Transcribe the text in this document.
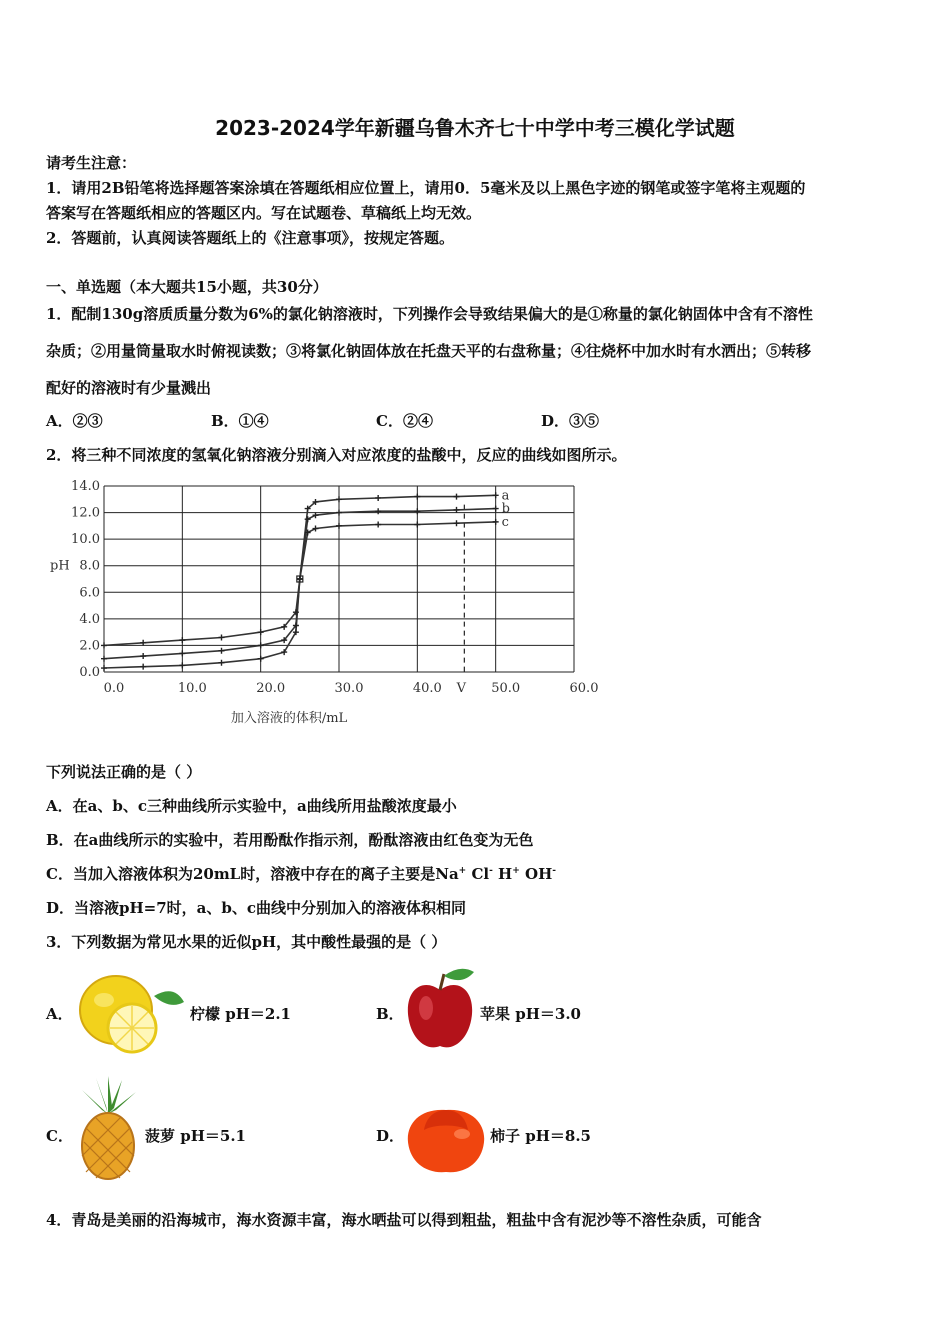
2023-2024学年新疆乌鲁木齐七十中学中考三模化学试题
请考生注意：
1．请用2B铅笔将选择题答案涂填在答题纸相应位置上，请用0．5毫米及以上黑色字迹的钢笔或签字笔将主观题的
答案写在答题纸相应的答题区内。写在试题卷、草稿纸上均无效。
2．答题前，认真阅读答题纸上的《注意事项》，按规定答题。
一、单选题（本大题共15小题，共30分）
1．配制130g溶质质量分数为6%的氯化钠溶液时，下列操作会导致结果偏大的是①称量的氯化钠固体中含有不溶性
杂质；②用量筒量取水时俯视读数；③将氯化钠固体放在托盘天平的右盘称量；④往烧杯中加水时有水洒出；⑤转移
配好的溶液时有少量溅出
A．②③	B．①④	C．②④	D．③⑤
2．将三种不同浓度的氢氧化钠溶液分别滴入对应浓度的盐酸中，反应的曲线如图所示。
0.0
2.0
4.0
6.0
8.0
10.0
12.0
14.0
0.0	10.0	20.0	30.0	40.0	50.0	60.0
V
pH
加入溶液的体积/mL
a
b
c
下列说法正确的是（ ）
A．在a、b、c三种曲线所示实验中，a曲线所用盐酸浓度最小
B．在a曲线所示的实验中，若用酚酞作指示剂，酚酞溶液由红色变为无色
C．当加入溶液体积为20mL时，溶液中存在的离子主要是Na+ Cl- H+ OH-
D．当溶液pH=7时，a、b、c曲线中分别加入的溶液体积相同
3．下列数据为常见水果的近似pH，其中酸性最强的是（ ）
A．	柠檬 pH＝2.1	B．	苹果 pH＝3.0
C．	菠萝 pH＝5.1	D．	柿子 pH＝8.5
4．青岛是美丽的沿海城市，海水资源丰富，海水晒盐可以得到粗盐，粗盐中含有泥沙等不溶性杂质，可能含
